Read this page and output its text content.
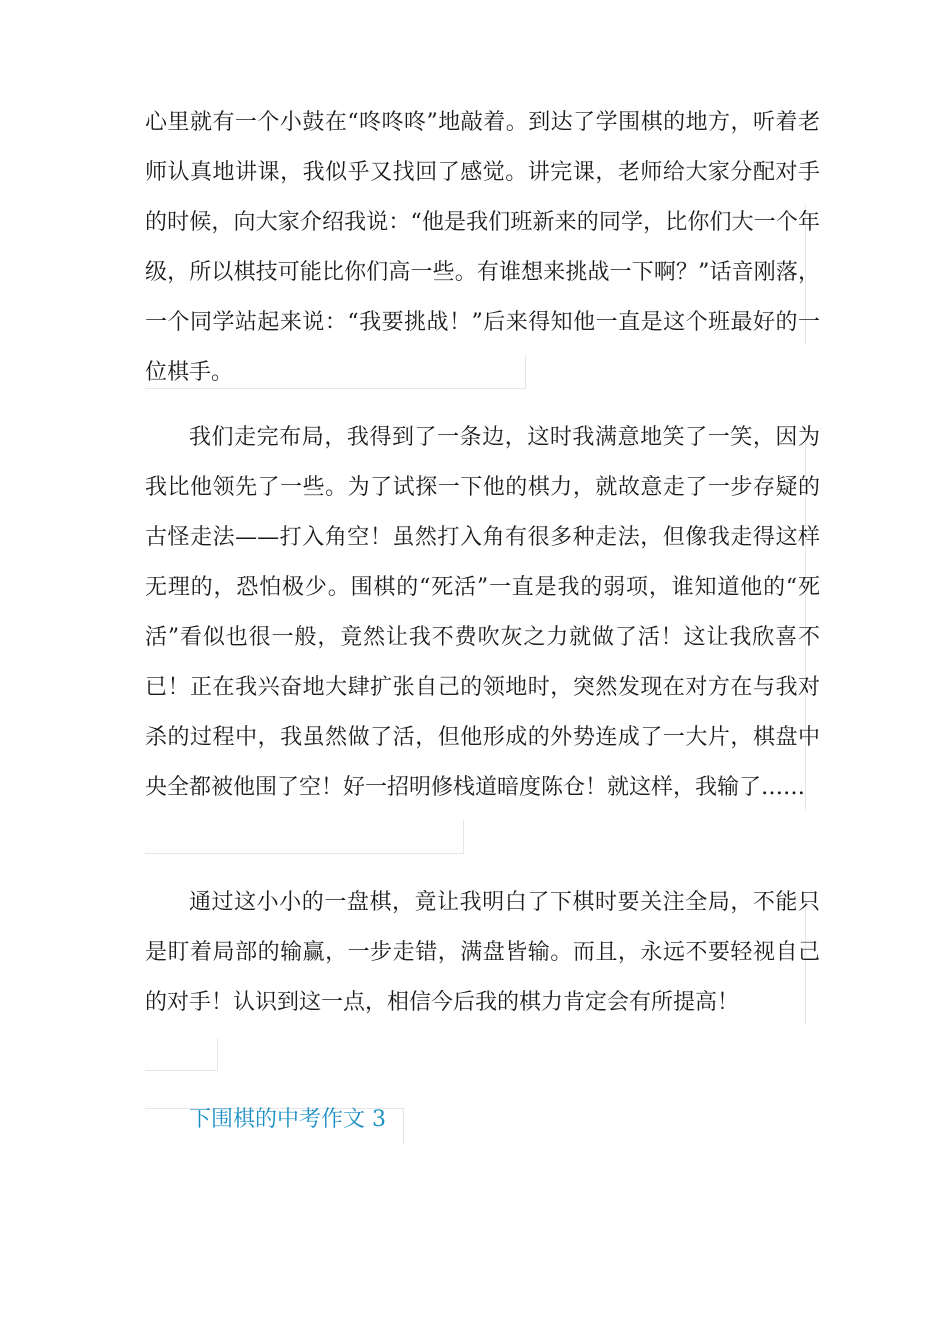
心里就有一个小鼓在“咚咚咚”地敲着。到达了学围棋的地方，听着老师认真地讲课，我似乎又找回了感觉。讲完课，老师给大家分配对手的时候，向大家介绍我说：“他是我们班新来的同学，比你们大一个年级，所以棋技可能比你们高一些。有谁想来挑战一下啊？”话音刚落，一个同学站起来说：“我要挑战！”后来得知他一直是这个班最好的一位棋手。

我们走完布局，我得到了一条边，这时我满意地笑了一笑，因为我比他领先了一些。为了试探一下他的棋力，就故意走了一步存疑的古怪走法——打入角空！虽然打入角有很多种走法，但像我走得这样无理的，恐怕极少。围棋的“死活”一直是我的弱项，谁知道他的“死活”看似也很一般，竟然让我不费吹灰之力就做了活！这让我欣喜不已！正在我兴奋地大肆扩张自己的领地时，突然发现在对方在与我对杀的过程中，我虽然做了活，但他形成的外势连成了一大片，棋盘中央全都被他围了空！好一招明修栈道暗度陈仓！就这样，我输了……

通过这小小的一盘棋，竟让我明白了下棋时要关注全局，不能只是盯着局部的输赢，一步走错，满盘皆输。而且，永远不要轻视自己的对手！认识到这一点，相信今后我的棋力肯定会有所提高！

下围棋的中考作文 3
